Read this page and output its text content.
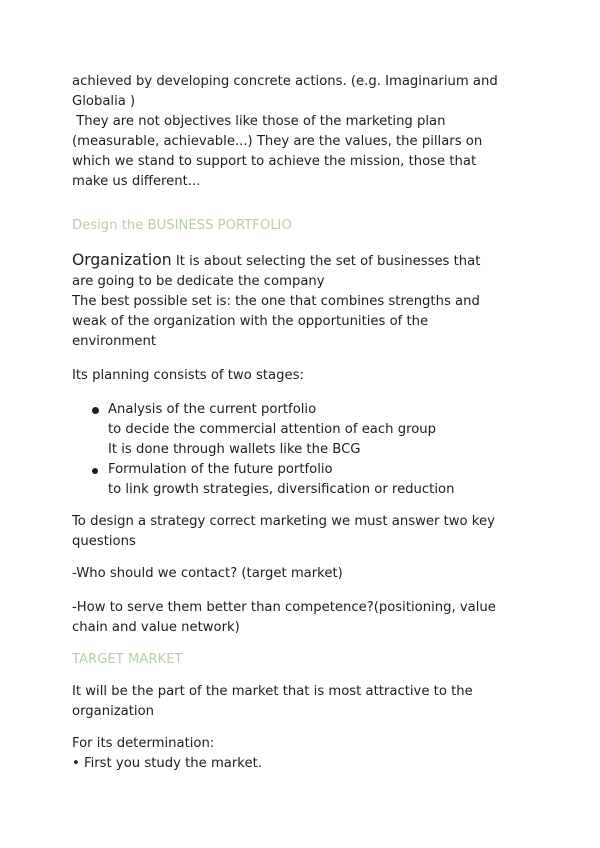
achieved by developing concrete actions. (e.g. Imaginarium and
Globalia )
They are not objectives like those of the marketing plan
(measurable, achievable...) They are the values, the pillars on
which we stand to support to achieve the mission, those that
make us different...
Design the BUSINESS PORTFOLIO
Organization It is about selecting the set of businesses that
are going to be dedicate the company
The best possible set is: the one that combines strengths and
weak of the organization with the opportunities of the
environment
Its planning consists of two stages:
Analysis of the current portfolio
to decide the commercial attention of each group
It is done through wallets like the BCG
Formulation of the future portfolio
to link growth strategies, diversification or reduction
To design a strategy correct marketing we must answer two key
questions
-Who should we contact? (target market)
-How to serve them better than competence?(positioning, value
chain and value network)
TARGET MARKET
It will be the part of the market that is most attractive to the
organization
For its determination:
• First you study the market.
